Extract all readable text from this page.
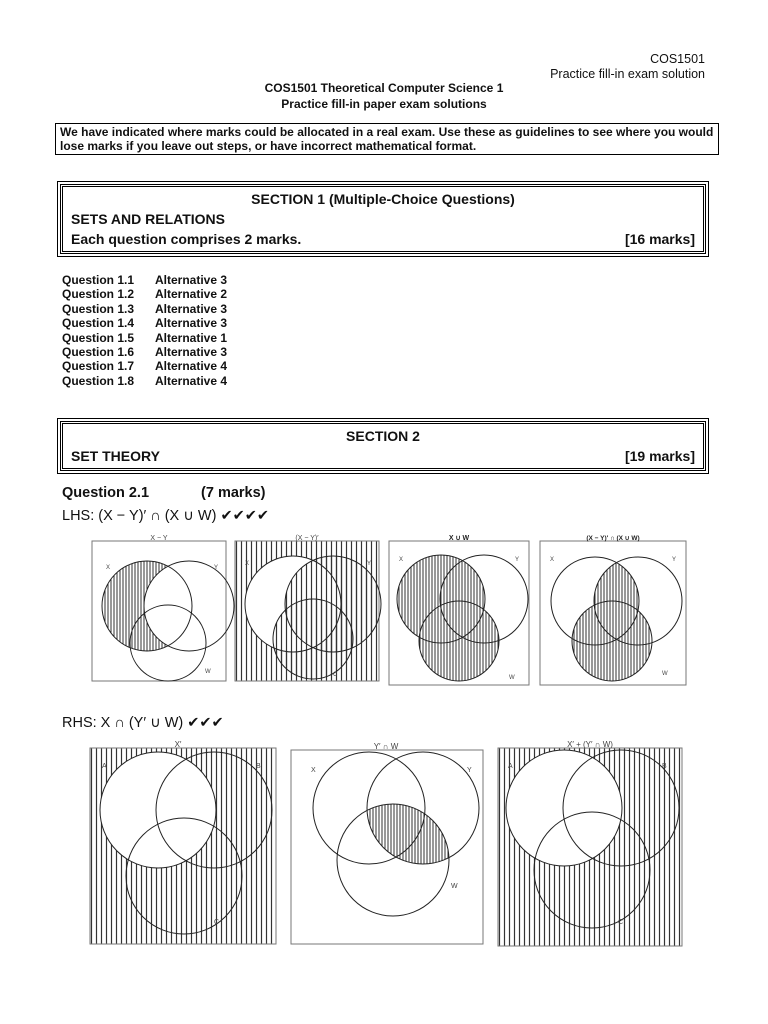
COS1501
Practice fill-in exam solution
COS1501 Theoretical Computer Science 1
Practice fill-in paper exam solutions
We have indicated where marks could be allocated in a real exam. Use these as guidelines to see where you would lose marks if you leave out steps, or have incorrect mathematical format.
SECTION 1 (Multiple-Choice Questions)
SETS AND RELATIONS
Each question comprises 2 marks.	[16 marks]
Question 1.1 Alternative 3
Question 1.2 Alternative 2
Question 1.3 Alternative 3
Question 1.4 Alternative 3
Question 1.5 Alternative 1
Question 1.6 Alternative 3
Question 1.7 Alternative 4
Question 1.8 Alternative 4
SECTION 2
SET THEORY	[19 marks]
Question 2.1	(7 marks)
LHS: (X − Y)′ ∩ (X ∪ W) ✔✔✔✔
X − Y
X	Y
W
(X − Y)′
X	Y
C
X ∪ W
X	Y
W
(X − Y)′ ∩ (X ∪ W)
X	Y
W
RHS: X ∩ (Y′ ∪ W) ✔✔✔
X′
A	B
C
Y′ ∩ W
X	Y
W
X′ + (Y′ ∩ W)
A	B
C
